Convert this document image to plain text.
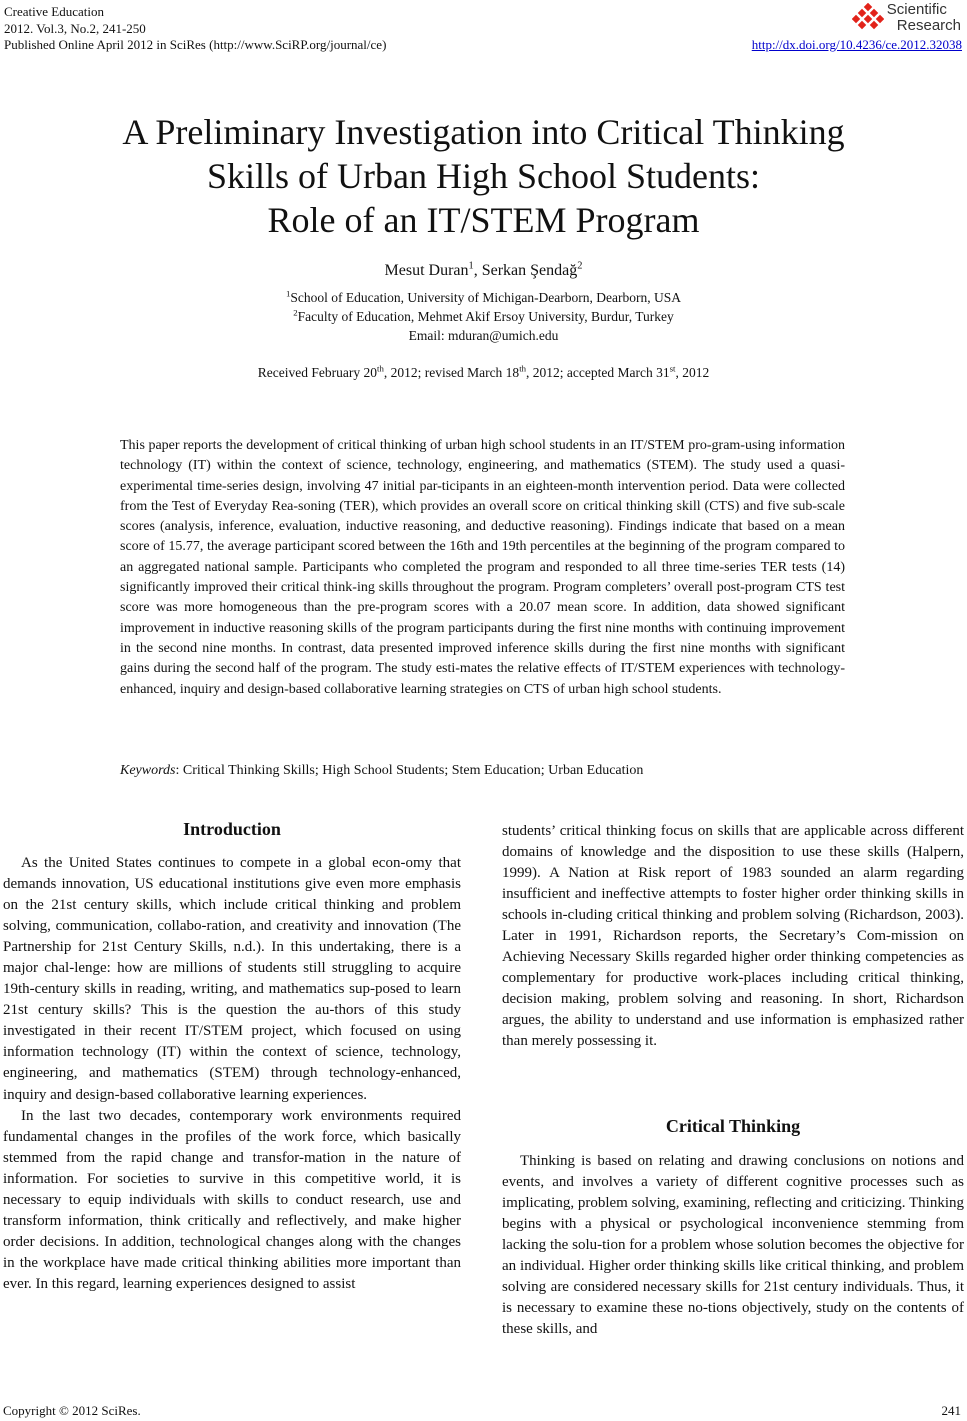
Creative Education
2012. Vol.3, No.2, 241-250
Published Online April 2012 in SciRes (http://www.SciRP.org/journal/ce)
Scientific
Research
http://dx.doi.org/10.4236/ce.2012.32038
A Preliminary Investigation into Critical Thinking
Skills of Urban High School Students:
Role of an IT/STEM Program
Mesut Duran$^1$, Serkan Şendağ$^2$
$^1$School of Education, University of Michigan-Dearborn, Dearborn, USA
$^2$Faculty of Education, Mehmet Akif Ersoy University, Burdur, Turkey
Email: mduran@umich.edu
Received February 20th, 2012; revised March 18th, 2012; accepted March 31st, 2012
This paper reports the development of critical thinking of urban high school students in an IT/STEM pro-gram-using information technology (IT) within the context of science, technology, engineering, and mathematics (STEM). The study used a quasi-experimental time-series design, involving 47 initial par-ticipants in an eighteen-month intervention period. Data were collected from the Test of Everyday Rea-soning (TER), which provides an overall score on critical thinking skill (CTS) and five sub-scale scores (analysis, inference, evaluation, inductive reasoning, and deductive reasoning). Findings indicate that based on a mean score of 15.77, the average participant scored between the 16th and 19th percentiles at the beginning of the program compared to an aggregated national sample. Participants who completed the program and responded to all three time-series TER tests (14) significantly improved their critical think-ing skills throughout the program. Program completers’ overall post-program CTS test score was more homogeneous than the pre-program scores with a 20.07 mean score. In addition, data showed significant improvement in inductive reasoning skills of the program participants during the first nine months with continuing improvement in the second nine months. In contrast, data presented improved inference skills during the first nine months with significant gains during the second half of the program. The study esti-mates the relative effects of IT/STEM experiences with technology-enhanced, inquiry and design-based collaborative learning strategies on CTS of urban high school students.
Keywords: Critical Thinking Skills; High School Students; Stem Education; Urban Education
Introduction

As the United States continues to compete in a global econ-omy that demands innovation, US educational institutions give even more emphasis on the 21st century skills, which include critical thinking and problem solving, communication, collabo-ration, and creativity and innovation (The Partnership for 21st Century Skills, n.d.). In this undertaking, there is a major chal-lenge: how are millions of students still struggling to acquire 19th-century skills in reading, writing, and mathematics sup-posed to learn 21st century skills? This is the question the au-thors of this study investigated in their recent IT/STEM project, which focused on using information technology (IT) within the context of science, technology, engineering, and mathematics (STEM) through technology-enhanced, inquiry and design-based collaborative learning experiences.

In the last two decades, contemporary work environments required fundamental changes in the profiles of the work force, which basically stemmed from the rapid change and transfor-mation in the nature of information. For societies to survive in this competitive world, it is necessary to equip individuals with skills to conduct research, use and transform information, think critically and reflectively, and make higher order decisions. In addition, technological changes along with the changes in the workplace have made critical thinking abilities more important than ever. In this regard, learning experiences designed to assist

students’ critical thinking focus on skills that are applicable across different domains of knowledge and the disposition to use these skills (Halpern, 1999). A Nation at Risk report of 1983 sounded an alarm regarding insufficient and ineffective attempts to foster higher order thinking skills in schools in-cluding critical thinking and problem solving (Richardson, 2003). Later in 1991, Richardson reports, the Secretary’s Com-mission on Achieving Necessary Skills regarded higher order thinking competencies as complementary for productive work-places including critical thinking, decision making, problem solving and reasoning. In short, Richardson argues, the ability to understand and use information is emphasized rather than merely possessing it.

Critical Thinking

Thinking is based on relating and drawing conclusions on notions and events, and involves a variety of different cognitive processes such as implicating, problem solving, examining, reflecting and criticizing. Thinking begins with a physical or psychological inconvenience stemming from lacking the solu-tion for a problem whose solution becomes the objective for an individual. Higher order thinking skills like critical thinking, and problem solving are considered necessary skills for 21st century individuals. Thus, it is necessary to examine these no-tions objectively, study on the contents of these skills, and

Copyright © 2012 SciRes.	241
